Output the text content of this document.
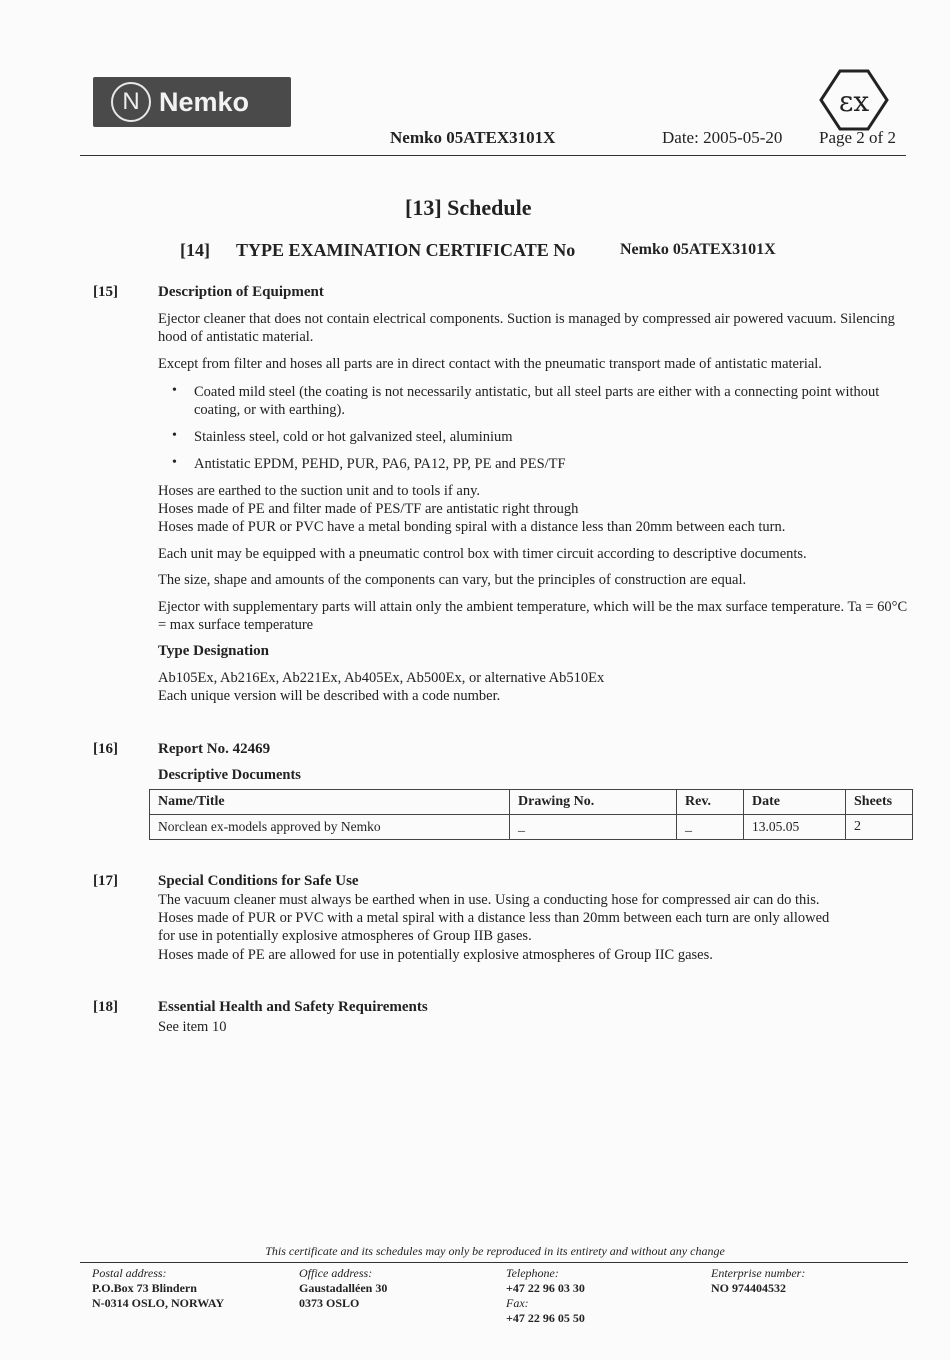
N Nemko	εx
Nemko 05ATEX3101X	Date: 2005-05-20 Page 2 of 2
[13] Schedule
[14] TYPE EXAMINATION CERTIFICATE No	Nemko 05ATEX3101X
[15]	Description of Equipment
Ejector cleaner that does not contain electrical components. Suction is managed by compressed air powered vacuum. Silencing hood of antistatic material.
Except from filter and hoses all parts are in direct contact with the pneumatic transport made of antistatic material.
• Coated mild steel (the coating is not necessarily antistatic, but all steel parts are either with a connecting point without coating, or with earthing).
• Stainless steel, cold or hot galvanized steel, aluminium
• Antistatic EPDM, PEHD, PUR, PA6, PA12, PP, PE and PES/TF
Hoses are earthed to the suction unit and to tools if any.
Hoses made of PE and filter made of PES/TF are antistatic right through
Hoses made of PUR or PVC have a metal bonding spiral with a distance less than 20mm between each turn.
Each unit may be equipped with a pneumatic control box with timer circuit according to descriptive documents.
The size, shape and amounts of the components can vary, but the principles of construction are equal.
Ejector with supplementary parts will attain only the ambient temperature, which will be the max surface temperature. Ta = 60°C = max surface temperature
Type Designation
Ab105Ex, Ab216Ex, Ab221Ex, Ab405Ex, Ab500Ex, or alternative Ab510Ex
Each unique version will be described with a code number.
[16]	Report No. 42469
Descriptive Documents
Name/Title	Drawing No.	Rev.	Date	Sheets
Norclean ex-models approved by Nemko	_	_	13.05.05	2
[17]	Special Conditions for Safe Use
The vacuum cleaner must always be earthed when in use. Using a conducting hose for compressed air can do this.
Hoses made of PUR or PVC with a metal spiral with a distance less than 20mm between each turn are only allowed
for use in potentially explosive atmospheres of Group IIB gases.
Hoses made of PE are allowed for use in potentially explosive atmospheres of Group IIC gases.
[18]	Essential Health and Safety Requirements
See item 10
This certificate and its schedules may only be reproduced in its entirety and without any change
Postal address:
P.O.Box 73 Blindern
N-0314 OSLO, NORWAY
Office address:
Gaustadalléen 30
0373 OSLO
Telephone:
+47 22 96 03 30
Fax:
+47 22 96 05 50
Enterprise number:
NO 974404532
